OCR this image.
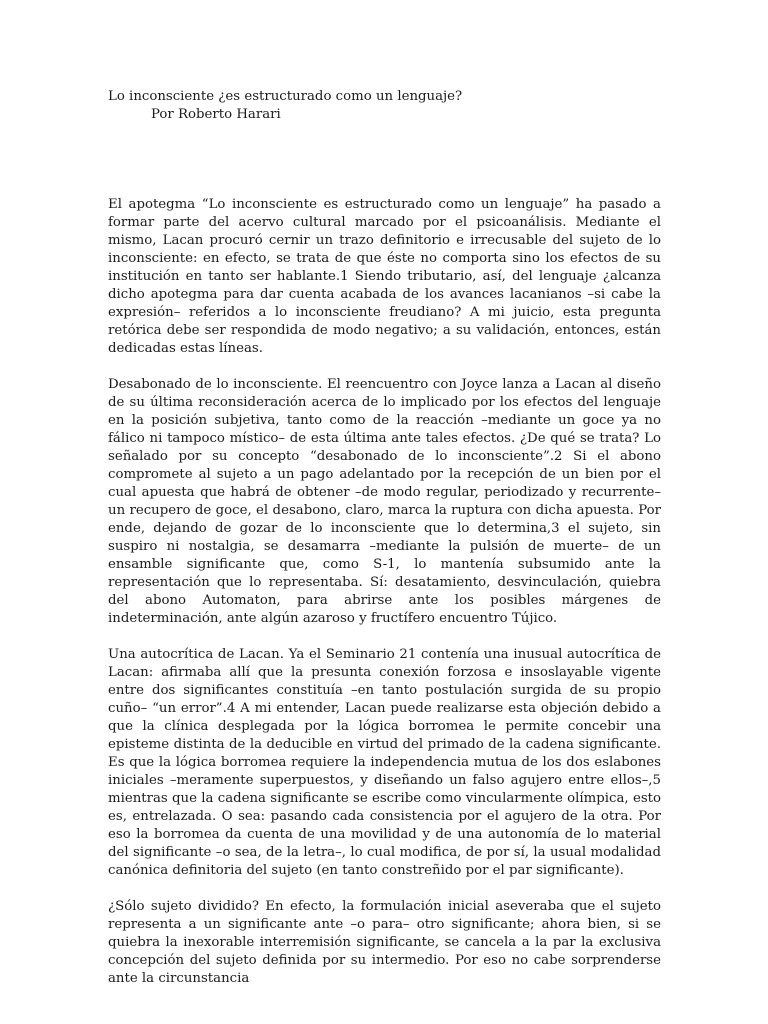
Lo inconsciente ¿es estructurado como un lenguaje?
Por Roberto Harari

El apotegma “Lo inconsciente es estructurado como un lenguaje” ha pasado a formar parte del acervo cultural marcado por el psicoanálisis. Mediante el mismo, Lacan procuró cernir un trazo definitorio e irrecusable del sujeto de lo inconsciente: en efecto, se trata de que éste no comporta sino los efectos de su institución en tanto ser hablante.1 Siendo tributario, así, del lenguaje ¿alcanza dicho apotegma para dar cuenta acabada de los avances lacanianos –si cabe la expresión– referidos a lo inconsciente freudiano? A mi juicio, esta pregunta retórica debe ser respondida de modo negativo; a su validación, entonces, están dedicadas estas líneas.

Desabonado de lo inconsciente. El reencuentro con Joyce lanza a Lacan al diseño de su última reconsideración acerca de lo implicado por los efectos del lenguaje en la posición subjetiva, tanto como de la reacción –mediante un goce ya no fálico ni tampoco místico– de esta última ante tales efectos. ¿De qué se trata? Lo señalado por su concepto “desabonado de lo inconsciente”.2 Si el abono compromete al sujeto a un pago adelantado por la recepción de un bien por el cual apuesta que habrá de obtener –de modo regular, periodizado y recurrente– un recupero de goce, el desabono, claro, marca la ruptura con dicha apuesta. Por ende, dejando de gozar de lo inconsciente que lo determina,3 el sujeto, sin suspiro ni nostalgia, se desamarra –mediante la pulsión de muerte– de un ensamble significante que, como S-1, lo mantenía subsumido ante la representación que lo representaba. Sí: desatamiento, desvinculación, quiebra del abono Automaton, para abrirse ante los posibles márgenes de indeterminación, ante algún azaroso y fructífero encuentro Tújico.

Una autocrítica de Lacan. Ya el Seminario 21 contenía una inusual autocrítica de Lacan: afirmaba allí que la presunta conexión forzosa e insoslayable vigente entre dos significantes constituía –en tanto postulación surgida de su propio cuño– “un error”.4 A mi entender, Lacan puede realizarse esta objeción debido a que la clínica desplegada por la lógica borromea le permite concebir una episteme distinta de la deducible en virtud del primado de la cadena significante. Es que la lógica borromea requiere la independencia mutua de los dos eslabones iniciales –meramente superpuestos, y diseñando un falso agujero entre ellos–,5 mientras que la cadena significante se escribe como vincularmente olímpica, esto es, entrelazada. O sea: pasando cada consistencia por el agujero de la otra. Por eso la borromea da cuenta de una movilidad y de una autonomía de lo material del significante –o sea, de la letra–, lo cual modifica, de por sí, la usual modalidad canónica definitoria del sujeto (en tanto constreñido por el par significante).

¿Sólo sujeto dividido? En efecto, la formulación inicial aseveraba que el sujeto representa a un significante ante –o para– otro significante; ahora bien, si se quiebra la inexorable interremisión significante, se cancela a la par la exclusiva concepción del sujeto definida por su intermedio. Por eso no cabe sorprenderse ante la circunstancia
